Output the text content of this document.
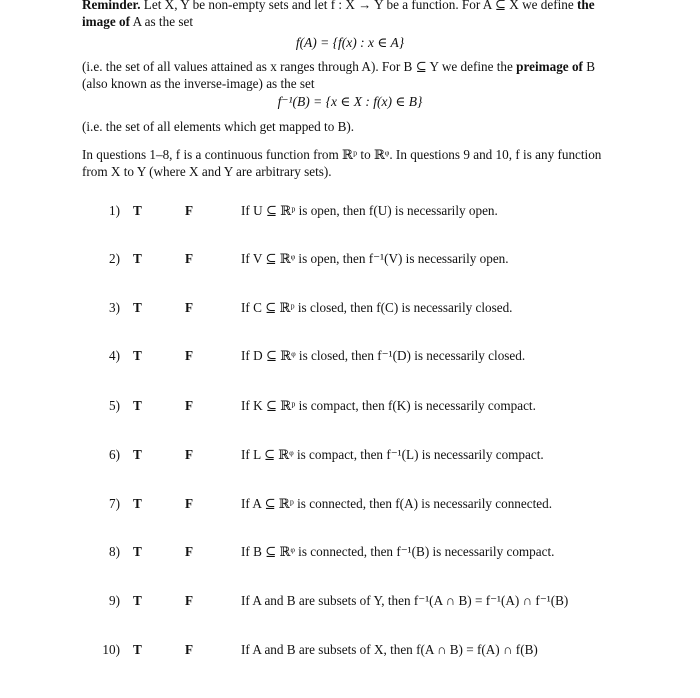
Reminder. Let X, Y be non-empty sets and let f : X → Y be a function. For A ⊆ X we define the image of A as the set
f(A) = {f(x) : x ∈ A}
(i.e. the set of all values attained as x ranges through A). For B ⊆ Y we define the preimage of B (also known as the inverse-image) as the set
f⁻¹(B) = {x ∈ X : f(x) ∈ B}
(i.e. the set of all elements which get mapped to B).
In questions 1–8, f is a continuous function from ℝᵖ to ℝᵠ. In questions 9 and 10, f is any function from X to Y (where X and Y are arbitrary sets).
1) T	F	If U ⊆ ℝᵖ is open, then f(U) is necessarily open.
2) T	F	If V ⊆ ℝᵠ is open, then f⁻¹(V) is necessarily open.
3) T	F	If C ⊆ ℝᵖ is closed, then f(C) is necessarily closed.
4) T	F	If D ⊆ ℝᵠ is closed, then f⁻¹(D) is necessarily closed.
5) T	F	If K ⊆ ℝᵖ is compact, then f(K) is necessarily compact.
6) T	F	If L ⊆ ℝᵠ is compact, then f⁻¹(L) is necessarily compact.
7) T	F	If A ⊆ ℝᵖ is connected, then f(A) is necessarily connected.
8) T	F	If B ⊆ ℝᵠ is connected, then f⁻¹(B) is necessarily compact.
9) T	F	If A and B are subsets of Y, then f⁻¹(A ∩ B) = f⁻¹(A) ∩ f⁻¹(B)
10) T	F	If A and B are subsets of X, then f(A ∩ B) = f(A) ∩ f(B)
